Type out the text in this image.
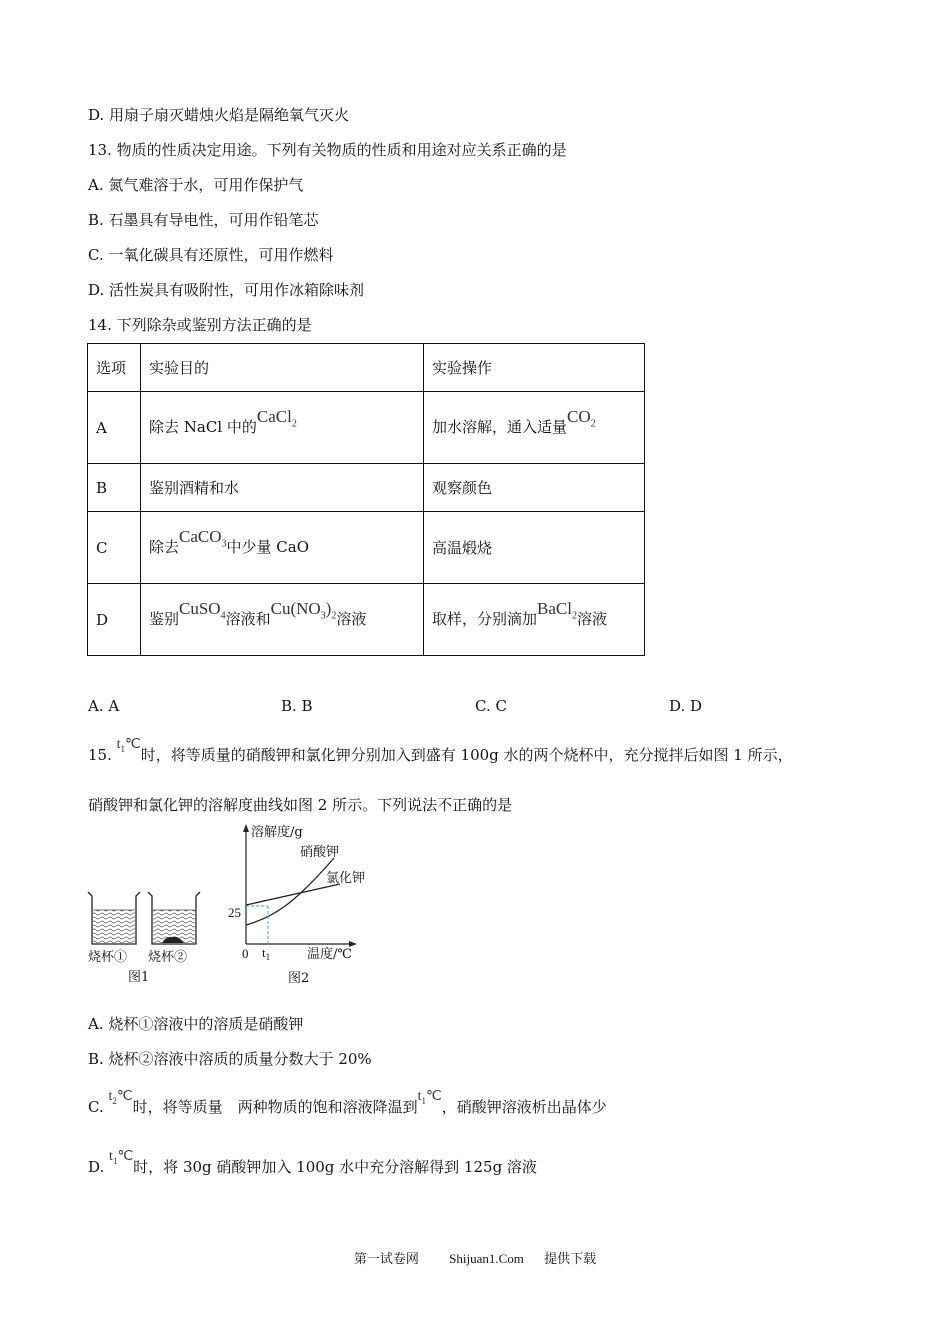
D. 用扇子扇灭蜡烛火焰是隔绝氧气灭火
13. 物质的性质决定用途。下列有关物质的性质和用途对应关系正确的是
A. 氮气难溶于水，可用作保护气
B. 石墨具有导电性，可用作铅笔芯
C. 一氧化碳具有还原性，可用作燃料
D. 活性炭具有吸附性，可用作冰箱除味剂
14. 下列除杂或鉴别方法正确的是
选项	实验目的	实验操作
A	除去 NaCl 中的CaCl$_2$	加水溶解，通入适量$CO_2$
B	鉴别酒精和水	观察颜色
C	除去CaCO$_3$中少量 CaO	高温煅烧
D	鉴别CuSO$_4$溶液和$Cu(NO_3)_2$溶液	取样，分别滴加BaCl$_2$溶液
A. A	B. B	C. C	D. D
15. $t_1℃$时，将等质量的硝酸钾和氯化钾分别加入到盛有 100g 水的两个烧杯中，充分搅拌后如图 1 所示，
硝酸钾和氯化钾的溶解度曲线如图 2 所示。下列说法不正确的是
烧杯① 烧杯②
图1
溶解度/g
温度/℃
硝酸钾
氯化钾
25
0 $t_1$
图2
A. 烧杯①溶液中的溶质是硝酸钾
B. 烧杯②溶液中溶质的质量分数大于 20%
C. $t_2℃$时，将等质量　两种物质的饱和溶液降温到$t_1℃$，硝酸钾溶液析出晶体少
D. $t_1℃$时，将 30g 硝酸钾加入 100g 水中充分溶解得到 125g 溶液
第一试卷网 Shijuan1.Com 提供下载
